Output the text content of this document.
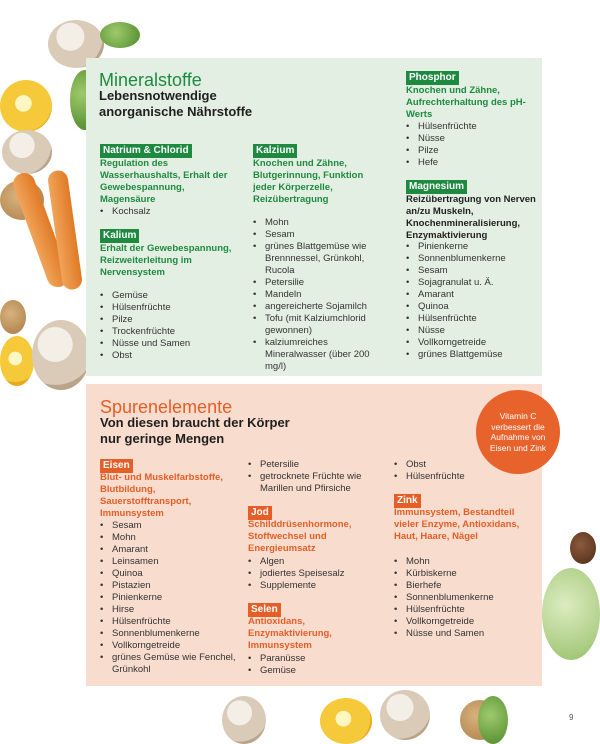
Mineralstoffe
Lebensnotwendige anorganische Nährstoffe
Natrium & Chlorid
Regulation des Wasserhaushalts, Erhalt der Gewebespannung, Magensäure
• Kochsalz
Kalium
Erhalt der Gewebespannung, Reizweiterleitung im Nervensystem
• Gemüse
• Hülsenfrüchte
• Pilze
• Trockenfrüchte
• Nüsse und Samen
• Obst
Kalzium
Knochen und Zähne, Blutgerinnung, Funktion jeder Körperzelle, Reizübertragung
• Mohn
• Sesam
• grünes Blattgemüse wie Brennnessel, Grünkohl, Rucola
• Petersilie
• Mandeln
• angereicherte Sojamilch
• Tofu (mit Kalziumchlorid gewonnen)
• kalziumreiches Mineralwasser (über 200 mg/l)
Phosphor
Knochen und Zähne, Aufrechterhaltung des pH-Werts
• Hülsenfrüchte
• Nüsse
• Pilze
• Hefe
Magnesium
Reizübertragung von Nerven an/zu Muskeln, Knochenmineralisierung, Enzymaktivierung
• Pinienkerne
• Sonnenblumenkerne
• Sesam
• Sojagranulat u. Ä.
• Amarant
• Quinoa
• Hülsenfrüchte
• Nüsse
• Vollkorngetreide
• grünes Blattgemüse
Spurenelemente
Von diesen braucht der Körper nur geringe Mengen
Eisen
Blut- und Muskelfarbstoffe, Blutbildung, Sauerstofftransport, Immunsystem
• Sesam
• Mohn
• Amarant
• Leinsamen
• Quinoa
• Pistazien
• Pinienkerne
• Hirse
• Hülsenfrüchte
• Sonnenblumenkerne
• Vollkorngetreide
• grünes Gemüse wie Fenchel, Grünkohl
• Petersilie
• getrocknete Früchte wie Marillen und Pfirsiche
Jod
Schilddrüsenhormone, Stoffwechsel und Energieumsatz
• Algen
• jodiertes Speisesalz
• Supplemente
Selen
Antioxidans, Enzymaktivierung, Immunsystem
• Paranüsse
• Gemüse
• Obst
• Hülsenfrüchte
Zink
Immunsystem, Bestandteil vieler Enzyme, Antioxidans, Haut, Haare, Nägel
• Mohn
• Kürbiskerne
• Bierhefe
• Sonnenblumenkerne
• Hülsenfrüchte
• Vollkorngetreide
• Nüsse und Samen
Vitamin C verbessert die Aufnahme von Eisen und Zink
9
